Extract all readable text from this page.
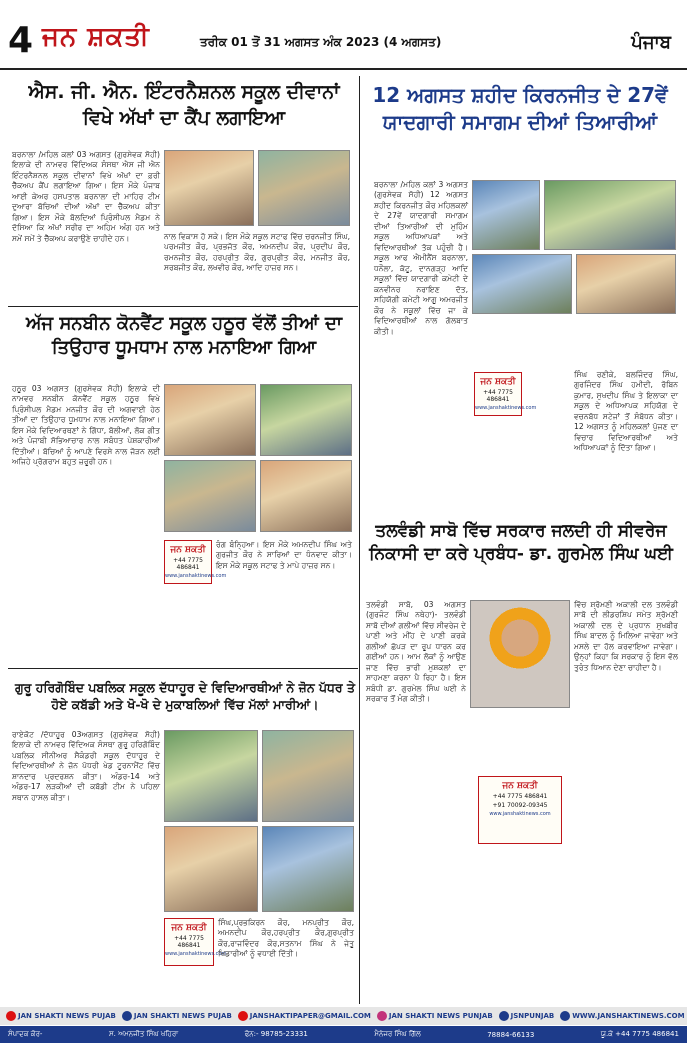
4 ਜਨ ਸ਼ਕਤੀ	ਤਰੀਕ 01 ਤੋਂ 31 ਅਗਸਤ ਅੰਕ 2023 (4 ਅਗਸਤ)	ਪੰਜਾਬ
ਐਸ. ਜੀ. ਐਨ. ਇੰਟਰਨੈਸ਼ਨਲ ਸਕੂਲ ਦੀਵਾਨਾਂ ਵਿਖੇ ਅੱਖਾਂ ਦਾ ਕੈਂਪ ਲਗਾਇਆ
ਬਰਨਾਲਾ /ਮਹਿਲ ਕਲਾਂ 03 ਅਗਸਤ (ਗੁਰਸੇਵਕ ਸੋਹੀ) ਇਲਾਕੇ ਦੀ ਨਾਮਵਰ ਵਿੱਦਿਅਕ ਸੰਸਥਾ ਐਸ ਜੀ ਐਨ ਇੰਟਰਨੈਸ਼ਨਲ ਸਕੂਲ ਦੀਵਾਨਾਂ ਵਿਖੇ ਅੱਖਾਂ ਦਾ ਫ਼ਰੀ ਚੈੱਕਅਪ ਕੈਂਪ ਲਗਾਇਆ ਗਿਆ। ਇਸ ਮੌਕੇ ਪੰਜਾਬ ਆਈ ਕੇਅਰ ਹਸਪਤਾਲ ਬਰਨਾਲਾ ਦੀ ਮਾਹਿਰ ਟੀਮ ਦੁਆਰਾ ਬੱਚਿਆਂ ਦੀਆਂ ਅੱਖਾਂ ਦਾ ਚੈੱਕਅਪ ਕੀਤਾ ਗਿਆ। ਇਸ ਮੌਕੇ ਬੋਲਦਿਆਂ ਪ੍ਰਿੰਸੀਪਲ ਮੈਡਮ ਨੇ ਦੱਸਿਆ ਕਿ ਅੱਖਾਂ ਸਰੀਰ ਦਾ ਅਹਿਮ ਅੰਗ ਹਨ ਅਤੇ ਸਮੇਂ ਸਮੇਂ ਤੇ ਚੈੱਕਅਪ ਕਰਾਉਣੇ ਚਾਹੀਦੇ ਹਨ।	ਨਾਲ ਵਿਕਾਸ ਹੋ ਸਕੇ। ਇਸ ਮੌਕੇ ਸਕੂਲ ਸਟਾਫ ਵਿੱਚ ਚਰਨਜੀਤ ਸਿੰਘ, ਪਰਮਜੀਤ ਕੌਰ, ਪ੍ਰਭਜੋਤ ਕੌਰ, ਅਮਨਦੀਪ ਕੌਰ, ਪ੍ਰਦੀਪ ਕੌਰ, ਰਮਨਜੀਤ ਕੌਰ, ਹਰਪ੍ਰੀਤ ਕੌਰ, ਗੁਰਪ੍ਰੀਤ ਕੌਰ, ਮਨਜੀਤ ਕੌਰ, ਸਰਬਜੀਤ ਕੌਰ, ਲਖਵੀਰ ਕੌਰ, ਆਦਿ ਹਾਜ਼ਰ ਸਨ।
12 ਅਗਸਤ ਸ਼ਹੀਦ ਕਿਰਨਜੀਤ ਦੇ 27ਵੇਂ ਯਾਦਗਾਰੀ ਸਮਾਗਮ ਦੀਆਂ ਤਿਆਰੀਆਂ
ਬਰਨਾਲਾ /ਮਹਿਲ ਕਲਾਂ 3 ਅਗਸਤ (ਗੁਰਸੇਵਕ ਸੋਹੀ) 12 ਅਗਸਤ ਸ਼ਹੀਦ ਕਿਰਨਜੀਤ ਕੌਰ ਮਹਿਲਕਲਾਂ ਦੇ 27ਵੇਂ ਯਾਦਗਾਰੀ ਸਮਾਗਮ ਦੀਆਂ ਤਿਆਰੀਆਂ ਦੀ ਮੁਹਿੰਮ ਸਕੂਲ ਅਧਿਆਪਕਾਂ ਅਤੇ ਵਿਦਿਆਰਥੀਆਂ ਤੱਕ ਪਹੁੰਚੀ ਹੈ। ਸਕੂਲ ਆਫ ਐਮੀਨੈਂਸ ਬਰਨਾਲਾ, ਧਨੌਲਾ, ਕੱਟੂ, ਦਾਨਗੜ੍ਹ ਆਦਿ ਸਕੂਲਾਂ ਵਿੱਚ ਯਾਦਗਾਰੀ ਕਮੇਟੀ ਦੇ ਕਨਵੀਨਰ ਨਰਾਇਣ ਦੱਤ, ਸਹਿਯੋਗੀ ਕਮੇਟੀ ਆਗੂ ਅਮਰਜੀਤ ਕੌਰ ਨੇ ਸਕੂਲਾਂ ਵਿੱਚ ਜਾ ਕੇ ਵਿਦਿਆਰਥੀਆਂ ਨਾਲ ਗੱਲਬਾਤ ਕੀਤੀ।
ਸਿੰਘ ਰਣੀਕੇ, ਬਲਜਿੰਦਰ ਸਿੰਘ, ਗੁਰਜਿੰਦਰ ਸਿੰਘ ਹਮੀਦੀ, ਰੋਬਿਨ ਕੁਮਾਰ, ਸੁਖਦੀਪ ਸਿੰਘ ਤੇ ਇਲਾਕਾ ਦਾ ਸਕੂਲ ਦੇ ਅਧਿਆਪਕ ਸਹਿਯੋਗ ਦੇ ਵਚਨਬੱਧ ਸਟੇਜਾਂ ਤੋਂ ਸੰਬੋਧਨ ਕੀਤਾ। 12 ਅਗਸਤ ਨੂੰ ਮਹਿਲਕਲਾਂ ਪੁੱਜਣ ਦਾ ਵਿਚਾਰ ਵਿਦਿਆਰਥੀਆਂ ਅਤੇ ਅਧਿਆਪਕਾਂ ਨੂੰ ਦਿੱਤਾ ਗਿਆ।
ਜਨ ਸ਼ਕਤੀ
+44 7775 486841
www.janshaktinews.com
ਅੱਜ ਸਨਬੀਨ ਕੋਨਵੈਂਟ ਸਕੂਲ ਹਠੂਰ ਵੱਲੋਂ ਤੀਆਂ ਦਾ ਤਿਉਹਾਰ ਧੂਮਧਾਮ ਨਾਲ ਮਨਾਇਆ ਗਿਆ
ਹਠੂਰ 03 ਅਗਸਤ (ਗੁਰਸੇਵਕ ਸੋਹੀ) ਇਲਾਕੇ ਦੀ ਨਾਮਵਰ ਸਨਬੀਨ ਕੋਨਵੈਂਟ ਸਕੂਲ ਹਠੂਰ ਵਿਖੇ ਪ੍ਰਿੰਸੀਪਲ ਮੈਡਮ ਮਨਜੀਤ ਕੌਰ ਦੀ ਅਗਵਾਈ ਹੇਠ ਤੀਆਂ ਦਾ ਤਿਉਹਾਰ ਧੂਮਧਾਮ ਨਾਲ ਮਨਾਇਆ ਗਿਆ। ਇਸ ਮੌਕੇ ਵਿਦਿਆਰਥਣਾਂ ਨੇ ਗਿੱਧਾ, ਬੋਲੀਆਂ, ਲੋਕ ਗੀਤ ਅਤੇ ਪੰਜਾਬੀ ਸੱਭਿਆਚਾਰ ਨਾਲ ਸਬੰਧਤ ਪੇਸ਼ਕਾਰੀਆਂ ਦਿੱਤੀਆਂ। ਬੱਚਿਆਂ ਨੂੰ ਆਪਣੇ ਵਿਰਸੇ ਨਾਲ ਜੋੜਨ ਲਈ ਅਜਿਹੇ ਪ੍ਰੋਗਰਾਮ ਬਹੁਤ ਜ਼ਰੂਰੀ ਹਨ।
ਜਨ ਸ਼ਕਤੀ
+44 7775 486841
www.janshaktinews.com
ਰੰਗ ਬੰਨ੍ਹਿਆ। ਇਸ ਮੌਕੇ ਅਮਨਦੀਪ ਸਿੰਘ ਅਤੇ ਗੁਰਜੀਤ ਕੌਰ ਨੇ ਸਾਰਿਆਂ ਦਾ ਧੰਨਵਾਦ ਕੀਤਾ। ਇਸ ਮੌਕੇ ਸਕੂਲ ਸਟਾਫ ਤੇ ਮਾਪੇ ਹਾਜ਼ਰ ਸਨ।
ਤਲਵੰਡੀ ਸਾਬੋ ਵਿੱਚ ਸਰਕਾਰ ਜਲਦੀ ਹੀ ਸੀਵਰੇਜ ਨਿਕਾਸੀ ਦਾ ਕਰੇ ਪ੍ਰਬੰਧ- ਡਾ. ਗੁਰਮੇਲ ਸਿੰਘ ਘਈ
ਤਲਵੰਡੀ ਸਾਬੋ, 03 ਅਗਸਤ (ਗੁਰਜੰਟ ਸਿੰਘ ਨਥੇਹਾ)- ਤਲਵੰਡੀ ਸਾਬੋ ਦੀਆਂ ਗਲੀਆਂ ਵਿੱਚ ਸੀਵਰੇਜ ਦੇ ਪਾਣੀ ਅਤੇ ਮੀਂਹ ਦੇ ਪਾਣੀ ਕਰਕੇ ਗਲੀਆਂ ਛੱਪੜ ਦਾ ਰੂਪ ਧਾਰਨ ਕਰ ਗਈਆਂ ਹਨ। ਆਮ ਲੋਕਾਂ ਨੂੰ ਆਉਣ ਜਾਣ ਵਿੱਚ ਭਾਰੀ ਮੁਸ਼ਕਲਾਂ ਦਾ ਸਾਹਮਣਾ ਕਰਨਾ ਪੈ ਰਿਹਾ ਹੈ। ਇਸ ਸਬੰਧੀ ਡਾ. ਗੁਰਮੇਲ ਸਿੰਘ ਘਈ ਨੇ ਸਰਕਾਰ ਤੋਂ ਮੰਗ ਕੀਤੀ।
ਵਿੱਚ ਸ਼੍ਰੋਮਣੀ ਅਕਾਲੀ ਦਲ ਤਲਵੰਡੀ ਸਾਬੋ ਦੀ ਲੀਡਰਸ਼ਿਪ ਸਮੇਤ ਸ਼੍ਰੋਮਣੀ ਅਕਾਲੀ ਦਲ ਦੇ ਪ੍ਰਧਾਨ ਸੁਖਬੀਰ ਸਿੰਘ ਬਾਦਲ ਨੂੰ ਮਿਲਿਆ ਜਾਵੇਗਾ ਅਤੇ ਮਸਲੇ ਦਾ ਹੱਲ ਕਰਵਾਇਆ ਜਾਵੇਗਾ। ਉਨ੍ਹਾਂ ਕਿਹਾ ਕਿ ਸਰਕਾਰ ਨੂੰ ਇਸ ਵੱਲ ਤੁਰੰਤ ਧਿਆਨ ਦੇਣਾ ਚਾਹੀਦਾ ਹੈ।
ਜਨ ਸ਼ਕਤੀ
+44 7775 486841
+91 70092-09345
www.janshaktinews.com
ਗੁਰੂ ਹਰਿਗੋਬਿੰਦ ਪਬਲਿਕ ਸਕੂਲ ਦੱਧਾਹੂਰ ਦੇ ਵਿਦਿਆਰਥੀਆਂ ਨੇ ਜ਼ੋਨ ਪੱਧਰ ਤੇ ਹੋਏ ਕਬੱਡੀ ਅਤੇ ਖੋ-ਖੋ ਦੇ ਮੁਕਾਬਲਿਆਂ ਵਿੱਚ ਮੱਲਾਂ ਮਾਰੀਆਂ।
ਰਾਏਕੋਟ /ਦੱਧਾਹੂਰ 03ਅਗਸਤ (ਗੁਰਸੇਵਕ ਸੋਹੀ) ਇਲਾਕੇ ਦੀ ਨਾਮਵਰ ਵਿੱਦਿਅਕ ਸੰਸਥਾ ਗੁਰੂ ਹਰਿਗੋਬਿੰਦ ਪਬਲਿਕ ਸੀਨੀਅਰ ਸੈਕੰਡਰੀ ਸਕੂਲ ਦੱਧਾਹੂਰ ਦੇ ਵਿਦਿਆਰਥੀਆਂ ਨੇ ਜ਼ੋਨ ਪੱਧਰੀ ਖੇਡ ਟੂਰਨਾਮੈਂਟ ਵਿੱਚ ਸ਼ਾਨਦਾਰ ਪ੍ਰਦਰਸ਼ਨ ਕੀਤਾ। ਅੰਡਰ-14 ਅਤੇ ਅੰਡਰ-17 ਲੜਕੀਆਂ ਦੀ ਕਬੱਡੀ ਟੀਮ ਨੇ ਪਹਿਲਾ ਸਥਾਨ ਹਾਸਲ ਕੀਤਾ।
ਜਨ ਸ਼ਕਤੀ
+44 7775 486841
www.janshaktinews.com
ਸਿੰਘ,ਪ੍ਰਭਕਿਰਨ ਕੌਰ, ਮਨਪ੍ਰੀਤ ਕੌਰ, ਅਮਨਦੀਪ ਕੌਰ,ਹਰਪ੍ਰੀਤ ਕੌਰ,ਗੁਰਪ੍ਰੀਤ ਕੌਰ,ਰਾਜਵਿੰਦਰ ਕੌਰ,ਸਤਨਾਮ ਸਿੰਘ ਨੇ ਜੇਤੂ ਖਿਡਾਰੀਆਂ ਨੂੰ ਵਧਾਈ ਦਿੱਤੀ।
JAN SHAKTI NEWS PUJAB	JAN SHAKTI NEWS PUJAB	JANSHAKTIPAPER@GMAIL.COM	JAN SHAKTI NEWS PUNJAB	JSNPUNJAB	WWW.JANSHAKTINEWS.COM
ਸੰਪਾਦਕ ਕੋਰ-	ਸ. ਅਮਨਜੀਤ ਸਿੰਘ ਖਹਿਰਾ	ਫੋਨ:- 98785-23331	ਮੈਨੇਜਰ ਸਿੰਘ ਗਿੱਲ	78884-66133	ਯੂ.ਕੇ +44 7775 486841
